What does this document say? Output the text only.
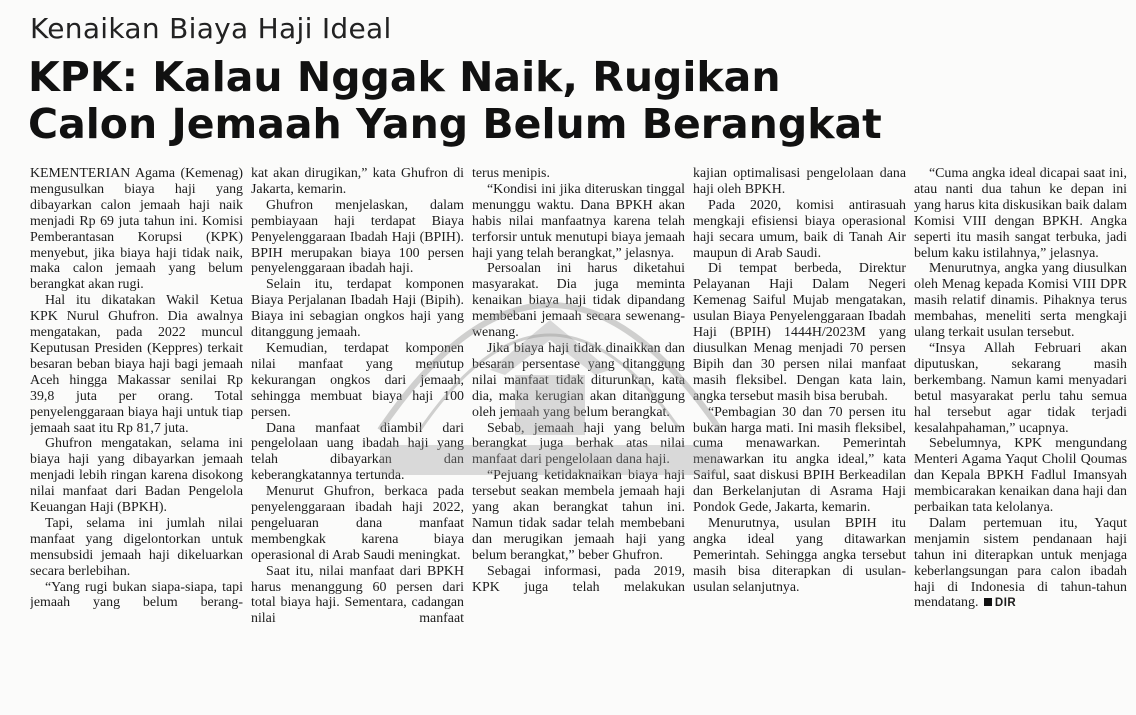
Kenaikan Biaya Haji Ideal
KPK: Kalau Nggak Naik, Rugikan
Calon Jemaah Yang Belum Berangkat

KEMENTERIAN Agama (Kemenag) mengusulkan biaya haji yang dibayarkan calon jemaah haji naik menjadi Rp 69 juta tahun ini. Komisi Pemberantasan Korupsi (KPK) menyebut, jika biaya haji tidak naik, maka calon jemaah yang belum berangkat akan rugi.

Hal itu dikatakan Wakil Ketua KPK Nurul Ghufron. Dia awalnya mengatakan, pada 2022 muncul Keputusan Presiden (Keppres) terkait besaran beban biaya haji bagi jemaah Aceh hingga Makassar senilai Rp 39,8 juta per orang. Total penyelenggaraan biaya haji untuk tiap jemaah saat itu Rp 81,7 juta.

Ghufron mengatakan, selama ini biaya haji yang dibayarkan jemaah menjadi lebih ringan karena disokong nilai manfaat dari Badan Pengelola Keuangan Haji (BPKH).

Tapi, selama ini jumlah nilai manfaat yang digelontorkan untuk mensubsidi jemaah haji dikeluarkan secara berlebihan.

“Yang rugi bukan siapa-siapa, tapi jemaah yang belum berang-

kat akan dirugikan,” kata Ghufron di Jakarta, kemarin.

Ghufron menjelaskan, dalam pembiayaan haji terdapat Biaya Penyelenggaraan Ibadah Haji (BPIH). BPIH merupakan biaya 100 persen penyelenggaraan ibadah haji.

Selain itu, terdapat komponen Biaya Perjalanan Ibadah Haji (Bipih). Biaya ini sebagian ongkos haji yang ditanggung jemaah.

Kemudian, terdapat komponen nilai manfaat yang menutup kekurangan ongkos dari jemaah, sehingga membuat biaya haji 100 persen.

Dana manfaat diambil dari pengelolaan uang ibadah haji yang telah dibayarkan dan keberangkatannya tertunda.

Menurut Ghufron, berkaca pada penyelenggaraan ibadah haji 2022, pengeluaran dana manfaat membengkak karena biaya operasional di Arab Saudi meningkat.

Saat itu, nilai manfaat dari BPKH harus menanggung 60 persen dari total biaya haji. Sementara, cadangan nilai manfaat

terus menipis.

“Kondisi ini jika diteruskan tinggal menunggu waktu. Dana BPKH akan habis nilai manfaatnya karena telah terforsir untuk menutupi biaya jemaah haji yang telah berangkat,” jelasnya.

Persoalan ini harus diketahui masyarakat. Dia juga meminta kenaikan biaya haji tidak dipandang membebani jemaah secara sewenang-wenang.

Jika biaya haji tidak dinaikkan dan besaran persentase yang ditanggung nilai manfaat tidak diturunkan, kata dia, maka kerugian akan ditanggung oleh jemaah yang belum berangkat.

Sebab, jemaah haji yang belum berangkat juga berhak atas nilai manfaat dari pengelolaan dana haji.

“Pejuang ketidaknaikan biaya haji tersebut seakan membela jemaah haji yang akan berangkat tahun ini. Namun tidak sadar telah membebani dan merugikan jemaah haji yang belum berangkat,” beber Ghufron.

Sebagai informasi, pada 2019, KPK juga telah melakukan

kajian optimalisasi pengelolaan dana haji oleh BPKH.

Pada 2020, komisi antirasuah mengkaji efisiensi biaya operasional haji secara umum, baik di Tanah Air maupun di Arab Saudi.

Di tempat berbeda, Direktur Pelayanan Haji Dalam Negeri Kemenag Saiful Mujab mengatakan, usulan Biaya Penyelenggaraan Ibadah Haji (BPIH) 1444H/2023M yang diusulkan Menag menjadi 70 persen Bipih dan 30 persen nilai manfaat masih fleksibel. Dengan kata lain, angka tersebut masih bisa berubah.

“Pembagian 30 dan 70 persen itu bukan harga mati. Ini masih fleksibel, cuma menawarkan. Pemerintah menawarkan itu angka ideal,” kata Saiful, saat diskusi BPIH Berkeadilan dan Berkelanjutan di Asrama Haji Pondok Gede, Jakarta, kemarin.

Menurutnya, usulan BPIH itu angka ideal yang ditawarkan Pemerintah. Sehingga angka tersebut masih bisa diterapkan di usulan-usulan selanjutnya.

“Cuma angka ideal dicapai saat ini, atau nanti dua tahun ke depan ini yang harus kita diskusikan baik dalam Komisi VIII dengan BPKH. Angka seperti itu masih sangat terbuka, jadi belum kaku istilahnya,” jelasnya.

Menurutnya, angka yang diusulkan oleh Menag kepada Komisi VIII DPR masih relatif dinamis. Pihaknya terus membahas, meneliti serta mengkaji ulang terkait usulan tersebut.

“Insya Allah Februari akan diputuskan, sekarang masih berkembang. Namun kami menyadari betul masyarakat perlu tahu semua hal tersebut agar tidak terjadi kesalahpahaman,” ucapnya.

Sebelumnya, KPK mengundang Menteri Agama Yaqut Cholil Qoumas dan Kepala BPKH Fadlul Imansyah membicarakan kenaikan dana haji dan perbaikan tata kelolanya.

Dalam pertemuan itu, Yaqut menjamin sistem pendanaan haji tahun ini diterapkan untuk menjaga keberlangsungan para calon ibadah haji di Indonesia di tahun-tahun mendatang. DIR
